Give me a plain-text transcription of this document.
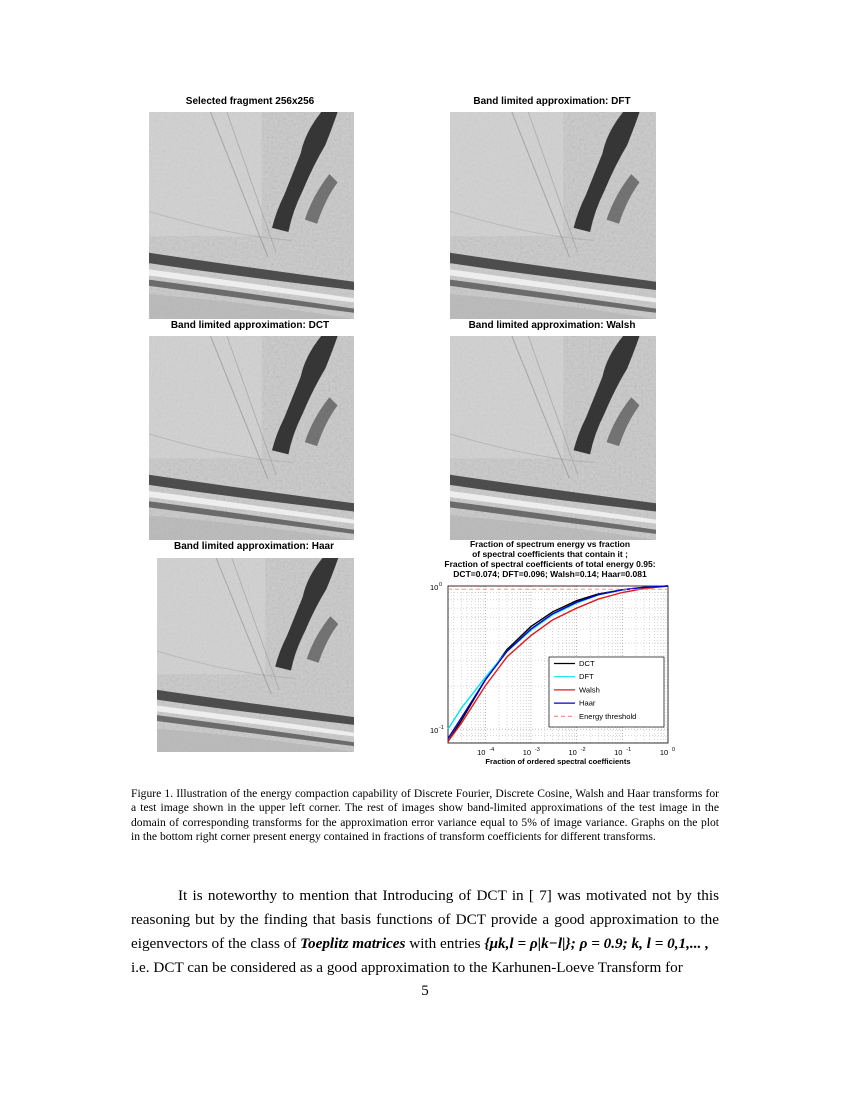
Selected fragment 256x256	Band limited approximation: DFT
Band limited approximation: DCT	Band limited approximation: Walsh
Band limited approximation: Haar	Fraction of spectrum energy vs fraction
of spectral coefficients that contain it ;
Fraction of spectral coefficients of total energy 0.95:
DCT=0.074; DFT=0.096; Walsh=0.14; Haar=0.081
10 -4	10 -3	10 -2	10 -1	10 0
10 -1
10 0
Fraction of ordered spectral coefficients
DCT
DFT
Walsh
Haar
Energy threshold
Figure 1. Illustration of the energy compaction capability of Discrete Fourier, Discrete Cosine, Walsh and Haar transforms for a test image shown in the upper left corner. The rest of images show band-limited approximations of the test image in the domain of corresponding transforms for the approximation error variance equal to 5% of image variance. Graphs on the plot in the bottom right corner present energy contained in fractions of transform coefficients for different transforms.

It is noteworthy to mention that Introducing of DCT in [ 7] was motivated not by this reasoning but by the finding that basis functions of DCT provide a good approximation to the eigenvectors of the class of Toeplitz matrices with entries {μk,l = ρ|k−l|}; ρ = 0.9; k, l = 0,1,... ,

i.e. DCT can be considered as a good approximation to the Karhunen-Loeve Transform for

5
